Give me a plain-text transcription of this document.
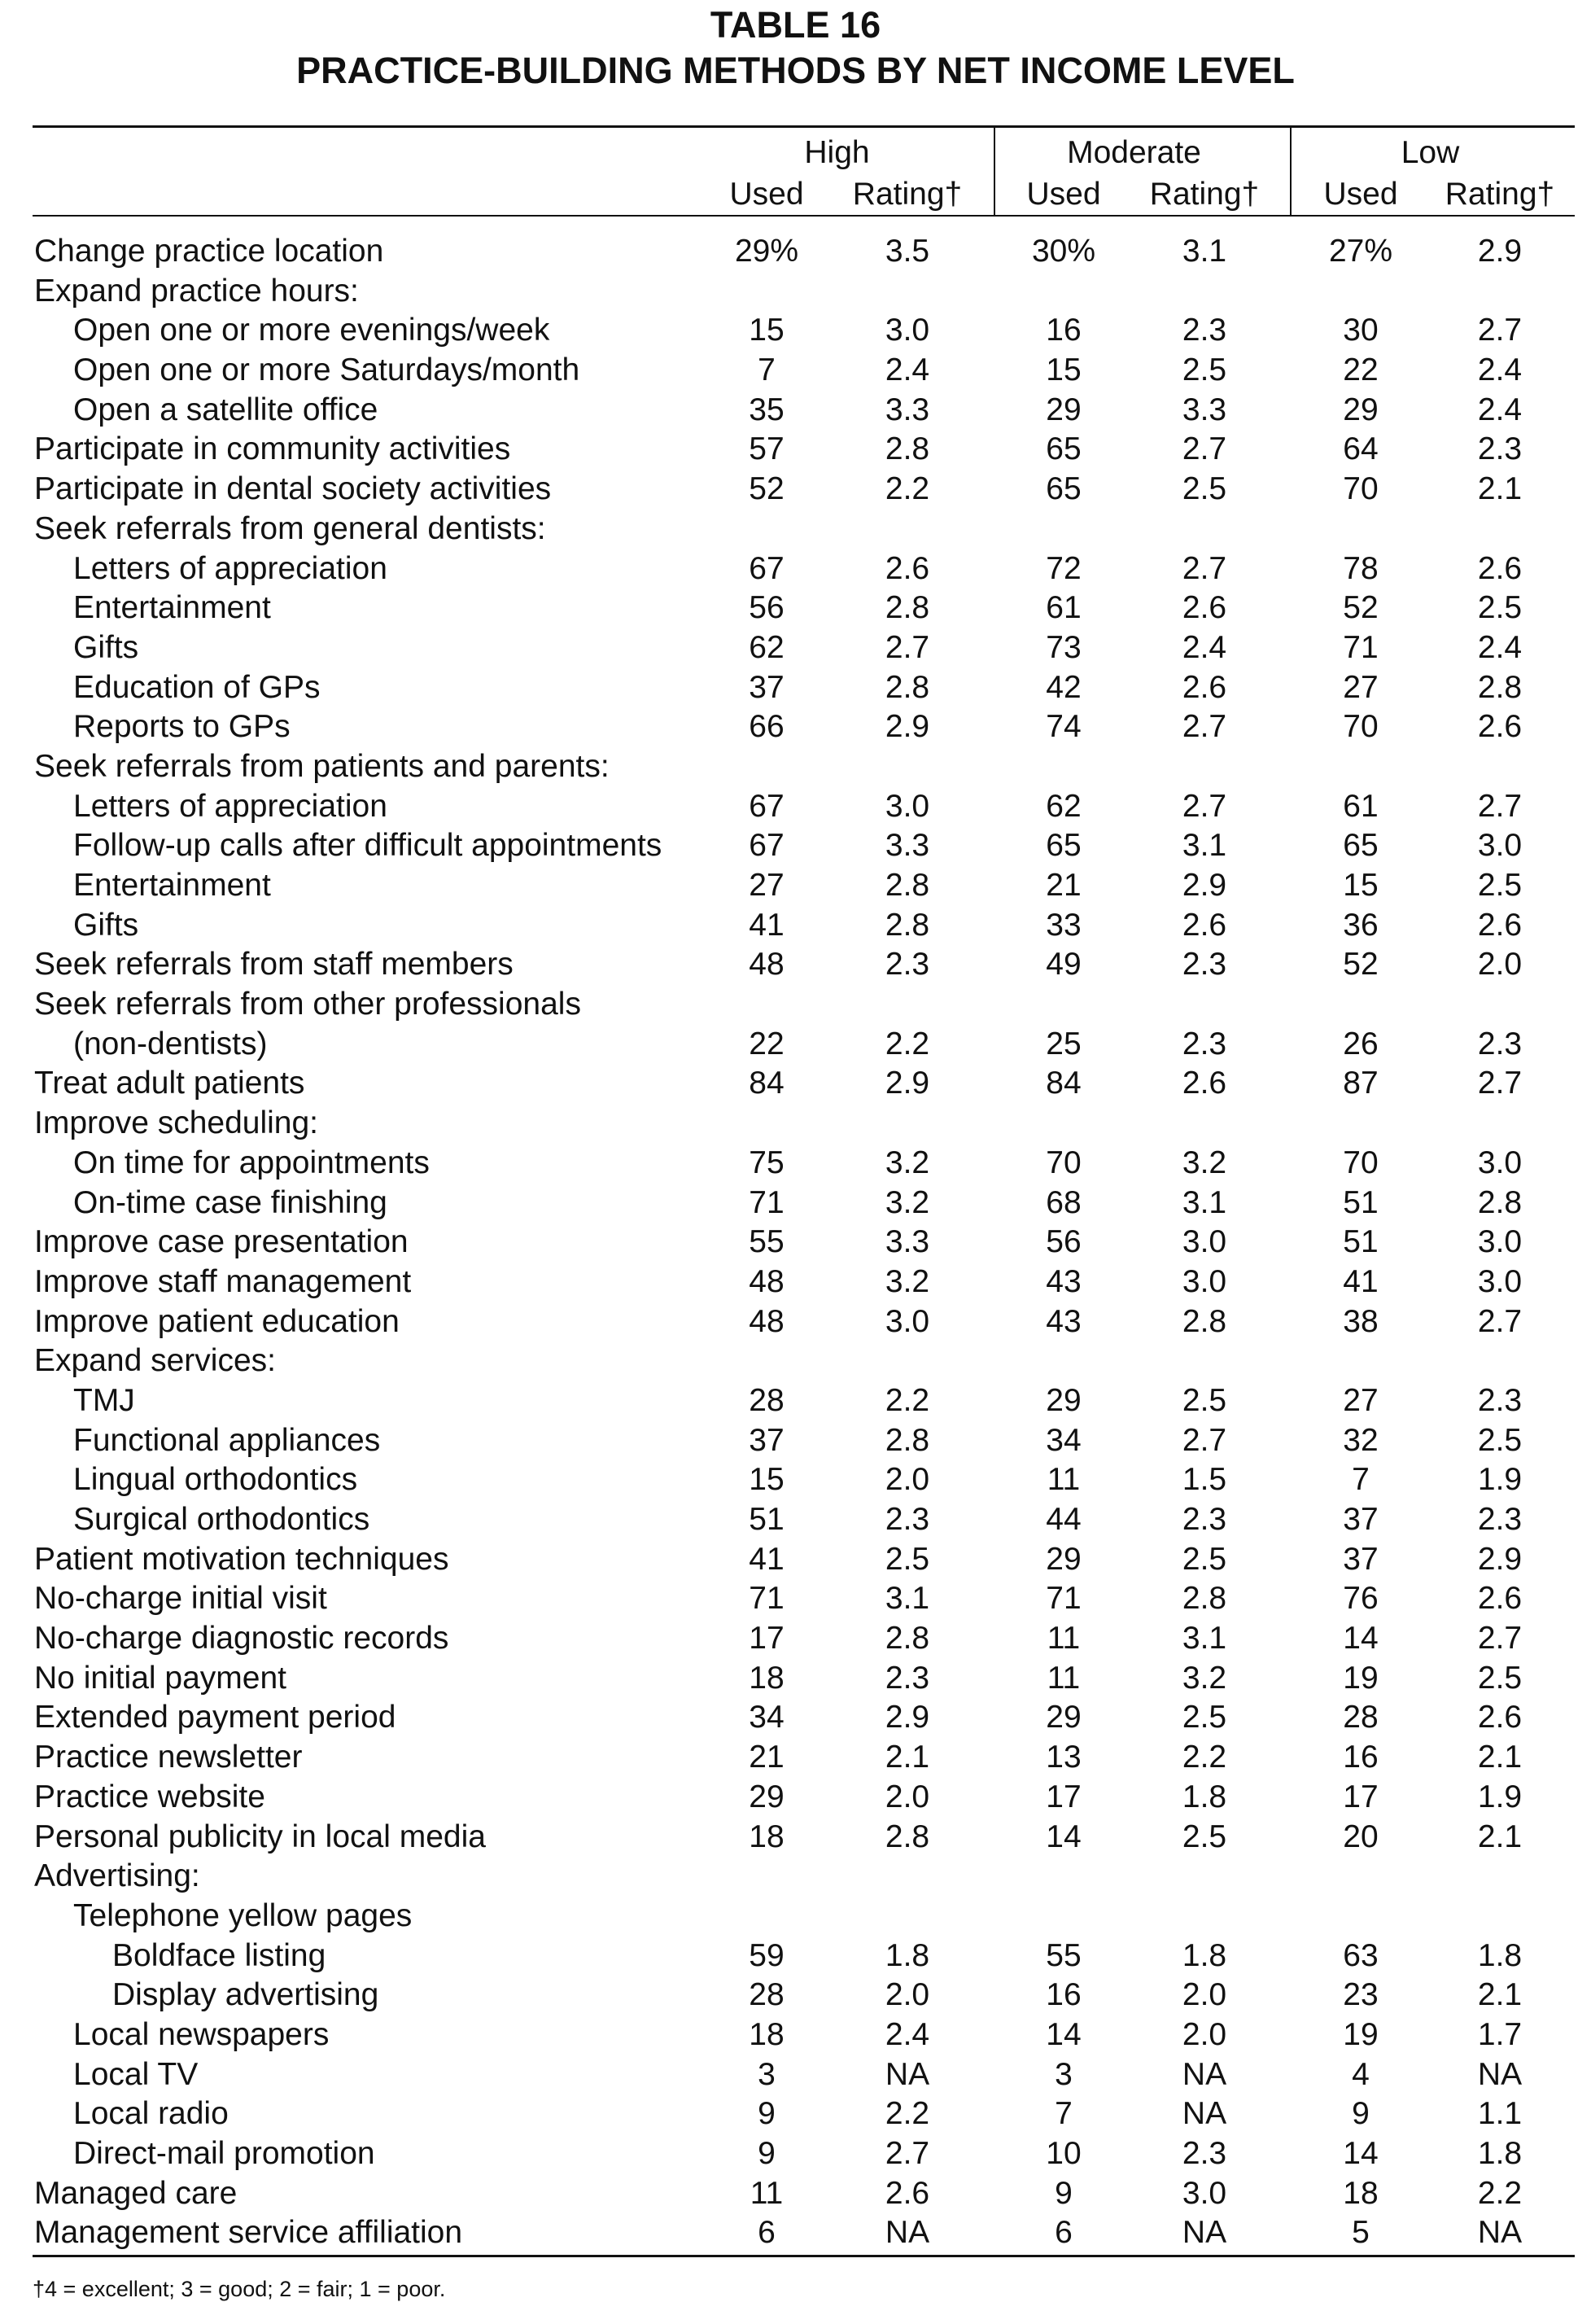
TABLE 16
PRACTICE-BUILDING METHODS BY NET INCOME LEVEL
High	Moderate	Low
Used	Rating†	Used	Rating†	Used	Rating†
Change practice location	29%	3.5	30%	3.1	27%	2.9
Expand practice hours:
Open one or more evenings/week	15	3.0	16	2.3	30	2.7
Open one or more Saturdays/month	7	2.4	15	2.5	22	2.4
Open a satellite office	35	3.3	29	3.3	29	2.4
Participate in community activities	57	2.8	65	2.7	64	2.3
Participate in dental society activities	52	2.2	65	2.5	70	2.1
Seek referrals from general dentists:
Letters of appreciation	67	2.6	72	2.7	78	2.6
Entertainment	56	2.8	61	2.6	52	2.5
Gifts	62	2.7	73	2.4	71	2.4
Education of GPs	37	2.8	42	2.6	27	2.8
Reports to GPs	66	2.9	74	2.7	70	2.6
Seek referrals from patients and parents:
Letters of appreciation	67	3.0	62	2.7	61	2.7
Follow-up calls after difficult appointments	67	3.3	65	3.1	65	3.0
Entertainment	27	2.8	21	2.9	15	2.5
Gifts	41	2.8	33	2.6	36	2.6
Seek referrals from staff members	48	2.3	49	2.3	52	2.0
Seek referrals from other professionals
(non-dentists)	22	2.2	25	2.3	26	2.3
Treat adult patients	84	2.9	84	2.6	87	2.7
Improve scheduling:
On time for appointments	75	3.2	70	3.2	70	3.0
On-time case finishing	71	3.2	68	3.1	51	2.8
Improve case presentation	55	3.3	56	3.0	51	3.0
Improve staff management	48	3.2	43	3.0	41	3.0
Improve patient education	48	3.0	43	2.8	38	2.7
Expand services:
TMJ	28	2.2	29	2.5	27	2.3
Functional appliances	37	2.8	34	2.7	32	2.5
Lingual orthodontics	15	2.0	11	1.5	7	1.9
Surgical orthodontics	51	2.3	44	2.3	37	2.3
Patient motivation techniques	41	2.5	29	2.5	37	2.9
No-charge initial visit	71	3.1	71	2.8	76	2.6
No-charge diagnostic records	17	2.8	11	3.1	14	2.7
No initial payment	18	2.3	11	3.2	19	2.5
Extended payment period	34	2.9	29	2.5	28	2.6
Practice newsletter	21	2.1	13	2.2	16	2.1
Practice website	29	2.0	17	1.8	17	1.9
Personal publicity in local media	18	2.8	14	2.5	20	2.1
Advertising:
Telephone yellow pages
Boldface listing	59	1.8	55	1.8	63	1.8
Display advertising	28	2.0	16	2.0	23	2.1
Local newspapers	18	2.4	14	2.0	19	1.7
Local TV	3	NA	3	NA	4	NA
Local radio	9	2.2	7	NA	9	1.1
Direct-mail promotion	9	2.7	10	2.3	14	1.8
Managed care	11	2.6	9	3.0	18	2.2
Management service affiliation	6	NA	6	NA	5	NA
†4 = excellent; 3 = good; 2 = fair; 1 = poor.
